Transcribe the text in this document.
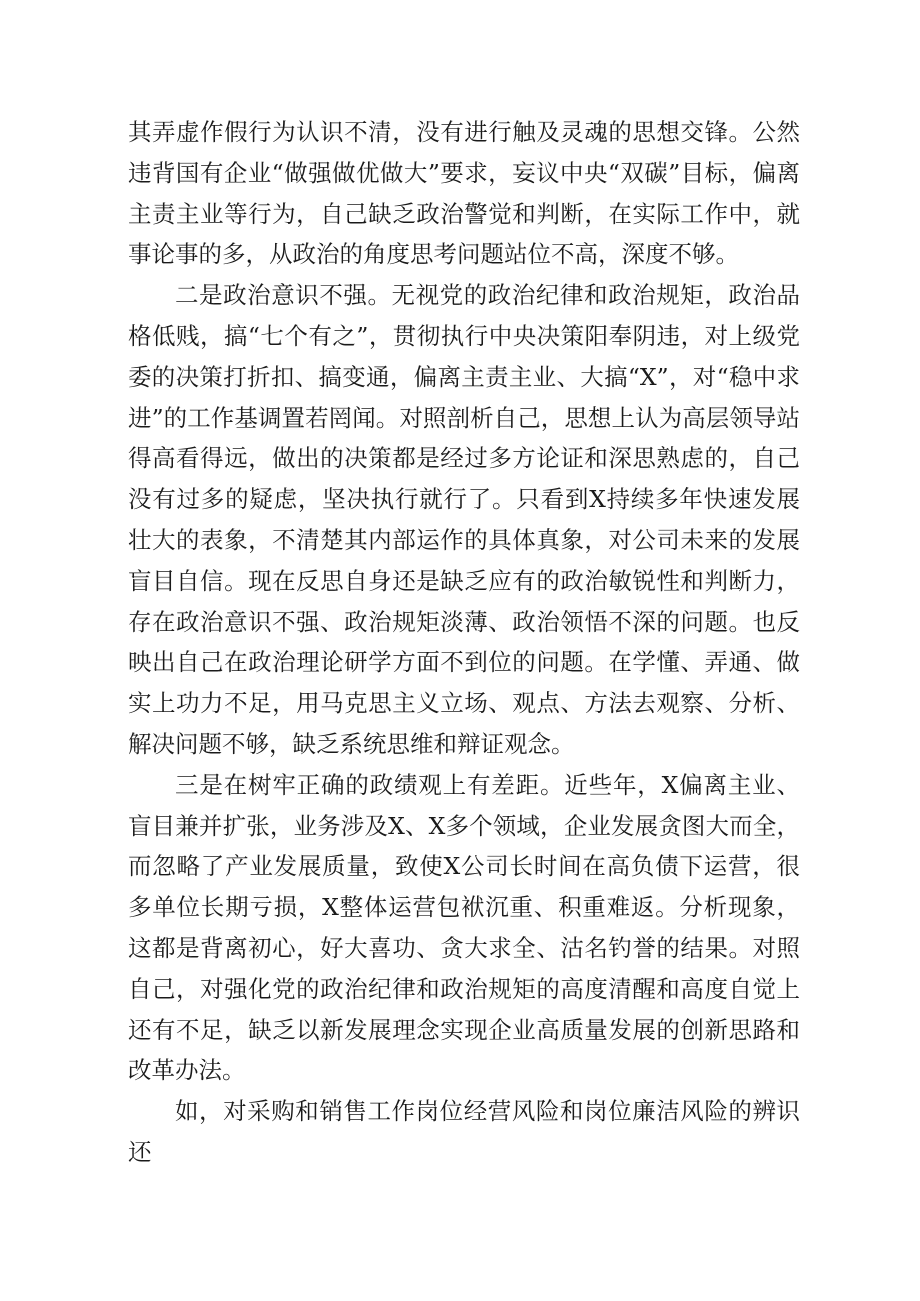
其弄虚作假行为认识不清，没有进行触及灵魂的思想交锋。公然违背国有企业“做强做优做大”要求，妄议中央“双碳”目标，偏离主责主业等行为，自己缺乏政治警觉和判断，在实际工作中，就事论事的多，从政治的角度思考问题站位不高，深度不够。

二是政治意识不强。无视党的政治纪律和政治规矩，政治品格低贱，搞“七个有之”，贯彻执行中央决策阳奉阴违，对上级党委的决策打折扣、搞变通，偏离主责主业、大搞“X”，对“稳中求进”的工作基调置若罔闻。对照剖析自己，思想上认为高层领导站得高看得远，做出的决策都是经过多方论证和深思熟虑的，自己没有过多的疑虑，坚决执行就行了。只看到X持续多年快速发展壮大的表象，不清楚其内部运作的具体真象，对公司未来的发展盲目自信。现在反思自身还是缺乏应有的政治敏锐性和判断力，存在政治意识不强、政治规矩淡薄、政治领悟不深的问题。也反映出自己在政治理论研学方面不到位的问题。在学懂、弄通、做实上功力不足，用马克思主义立场、观点、方法去观察、分析、解决问题不够，缺乏系统思维和辩证观念。

三是在树牢正确的政绩观上有差距。近些年，X偏离主业、盲目兼并扩张，业务涉及X、X多个领域，企业发展贪图大而全，而忽略了产业发展质量，致使X公司长时间在高负债下运营，很多单位长期亏损，X整体运营包袱沉重、积重难返。分析现象，这都是背离初心，好大喜功、贪大求全、沽名钓誉的结果。对照自己，对强化党的政治纪律和政治规矩的高度清醒和高度自觉上还有不足，缺乏以新发展理念实现企业高质量发展的创新思路和改革办法。

如，对采购和销售工作岗位经营风险和岗位廉洁风险的辨识还
